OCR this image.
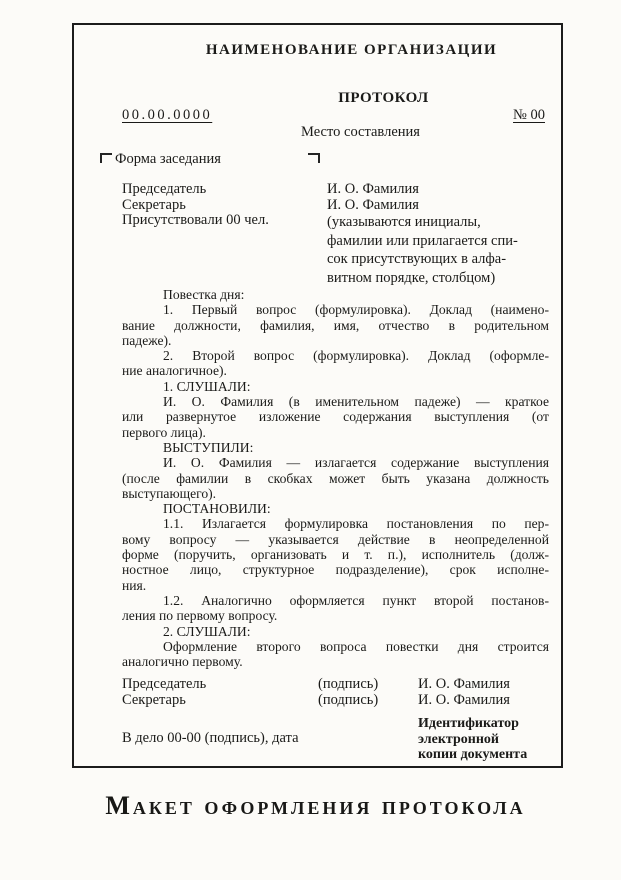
НАИМЕНОВАНИЕ ОРГАНИЗАЦИИ
ПРОТОКОЛ
00.00.0000	№ 00
Место составления
Форма заседания
Председатель	И. О. Фамилия
Секретарь	И. О. Фамилия
Присутствовали 00 чел.	(указываются инициалы,
фамилии или прилагается спи-
сок присутствующих в алфа-
витном порядке, столбцом)
Повестка дня:
1. Первый вопрос (формулировка). Доклад (наимено-
вание должности, фамилия, имя, отчество в родительном
падеже).
2. Второй вопрос (формулировка). Доклад (оформле-
ние аналогичное).
1. СЛУШАЛИ:
И. О. Фамилия (в именительном падеже) — краткое
или развернутое изложение содержания выступления (от
первого лица).
ВЫСТУПИЛИ:
И. О. Фамилия — излагается содержание выступления
(после фамилии в скобках может быть указана должность
выступающего).
ПОСТАНОВИЛИ:
1.1. Излагается формулировка постановления по пер-
вому вопросу — указывается действие в неопределенной
форме (поручить, организовать и т. п.), исполнитель (долж-
ностное лицо, структурное подразделение), срок исполне-
ния.
1.2. Аналогично оформляется пункт второй постанов-
ления по первому вопросу.
2. СЛУШАЛИ:
Оформление второго вопроса повестки дня строится
аналогично первому.
Председатель	(подпись)	И. О. Фамилия
Секретарь	(подпись)	И. О. Фамилия
В дело 00-00 (подпись), дата
Идентификатор
электронной
копии документа
Макет оформления протокола
